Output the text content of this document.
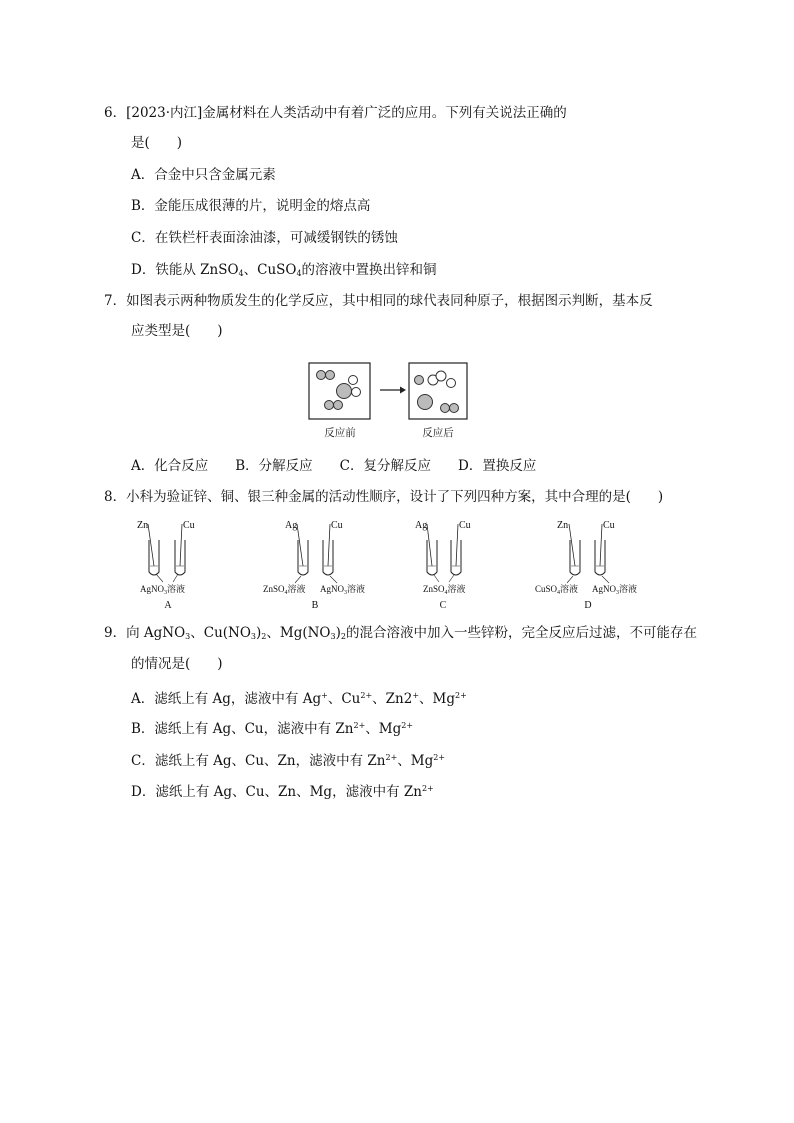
6．[2023·内江]金属材料在人类活动中有着广泛的应用。下列有关说法正确的
是(　　)
A．合金中只含金属元素
B．金能压成很薄的片，说明金的熔点高
C．在铁栏杆表面涂油漆，可减缓钢铁的锈蚀
D．铁能从 ZnSO$_4$、CuSO$_4$的溶液中置换出锌和铜
7．如图表示两种物质发生的化学反应，其中相同的球代表同种原子，根据图示判断，基本反
应类型是(　　)
反应前	反应后
A．化合反应 B．分解反应 C．复分解反应 D．置换反应
8．小科为验证锌、铜、银三种金属的活动性顺序，设计了下列四种方案，其中合理的是(　　)
Zn	Cu
AgNO$_3$溶液
A
Ag	Cu
ZnSO$_4$溶液 AgNO$_3$溶液
B
Ag	Cu
ZnSO$_4$溶液
C
Zn	Cu
CuSO$_4$溶液 AgNO$_3$溶液
D
9．向 AgNO$_3$、$Cu(NO_3)_2$、$Mg(NO_3)_2$的混合溶液中加入一些锌粉，完全反应后过滤，不可能存在
的情况是(　　)
A．滤纸上有 Ag，滤液中有 Ag+、$Cu^{2+}$、Zn2+、$Mg^{2+}$
B．滤纸上有 Ag、Cu，滤液中有 $Zn^{2+}$、$Mg^{2+}$
C．滤纸上有 Ag、Cu、Zn，滤液中有 $Zn^{2+}$、$Mg^{2+}$
D．滤纸上有 Ag、Cu、Zn、Mg，滤液中有 $Zn^{2+}$
